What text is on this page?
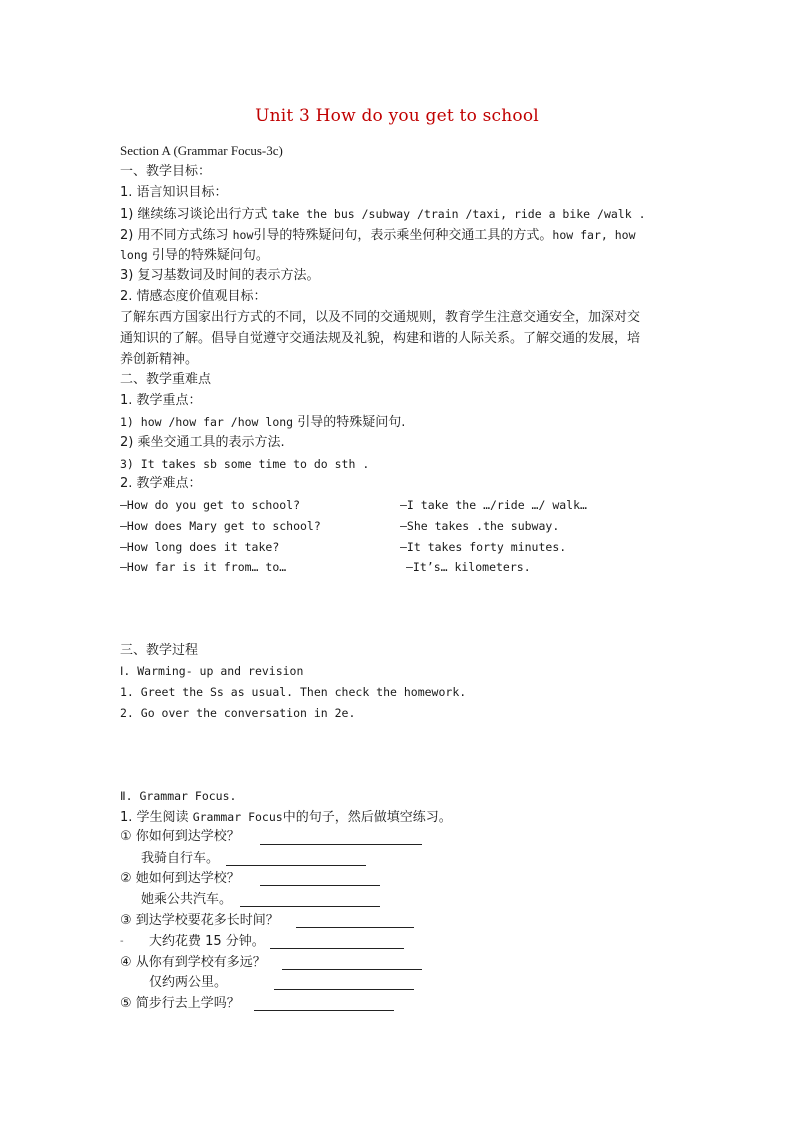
Unit 3 How do you get to school
Section A (Grammar Focus-3c)
一、教学目标：
1. 语言知识目标：
1) 继续练习谈论出行方式 take the bus /subway /train /taxi, ride a bike /walk .
2) 用不同方式练习 how引导的特殊疑问句，表示乘坐何种交通工具的方式。how far, how
long 引导的特殊疑问句。
3) 复习基数词及时间的表示方法。
2. 情感态度价值观目标：
了解东西方国家出行方式的不同，以及不同的交通规则，教育学生注意交通安全，加深对交
通知识的了解。倡导自觉遵守交通法规及礼貌，构建和谐的人际关系。了解交通的发展，培
养创新精神。
二、教学重难点
1. 教学重点：
1) how /how far /how long 引导的特殊疑问句.
2) 乘坐交通工具的表示方法.
3) It takes sb some time to do sth .
2. 教学难点：
—How do you get to school?	—I take the …/ride …/ walk…
—How does Mary get to school?	—She takes .the subway.
—How long does it take?	—It takes forty minutes.
—How far is it from… to…	—It’s… kilometers.
三、教学过程
Ⅰ. Warming- up and revision
1. Greet the Ss as usual. Then check the homework.
2. Go over the conversation in 2e.
Ⅱ. Grammar Focus.
1. 学生阅读 Grammar Focus中的句子，然后做填空练习。
① 你如何到达学校？
我骑自行车。
② 她如何到达学校？
她乘公共汽车。
③ 到达学校要花多长时间？
- 大约花费 15 分钟。
④ 从你有到学校有多远？
仅约两公里。
⑤ 简步行去上学吗？
